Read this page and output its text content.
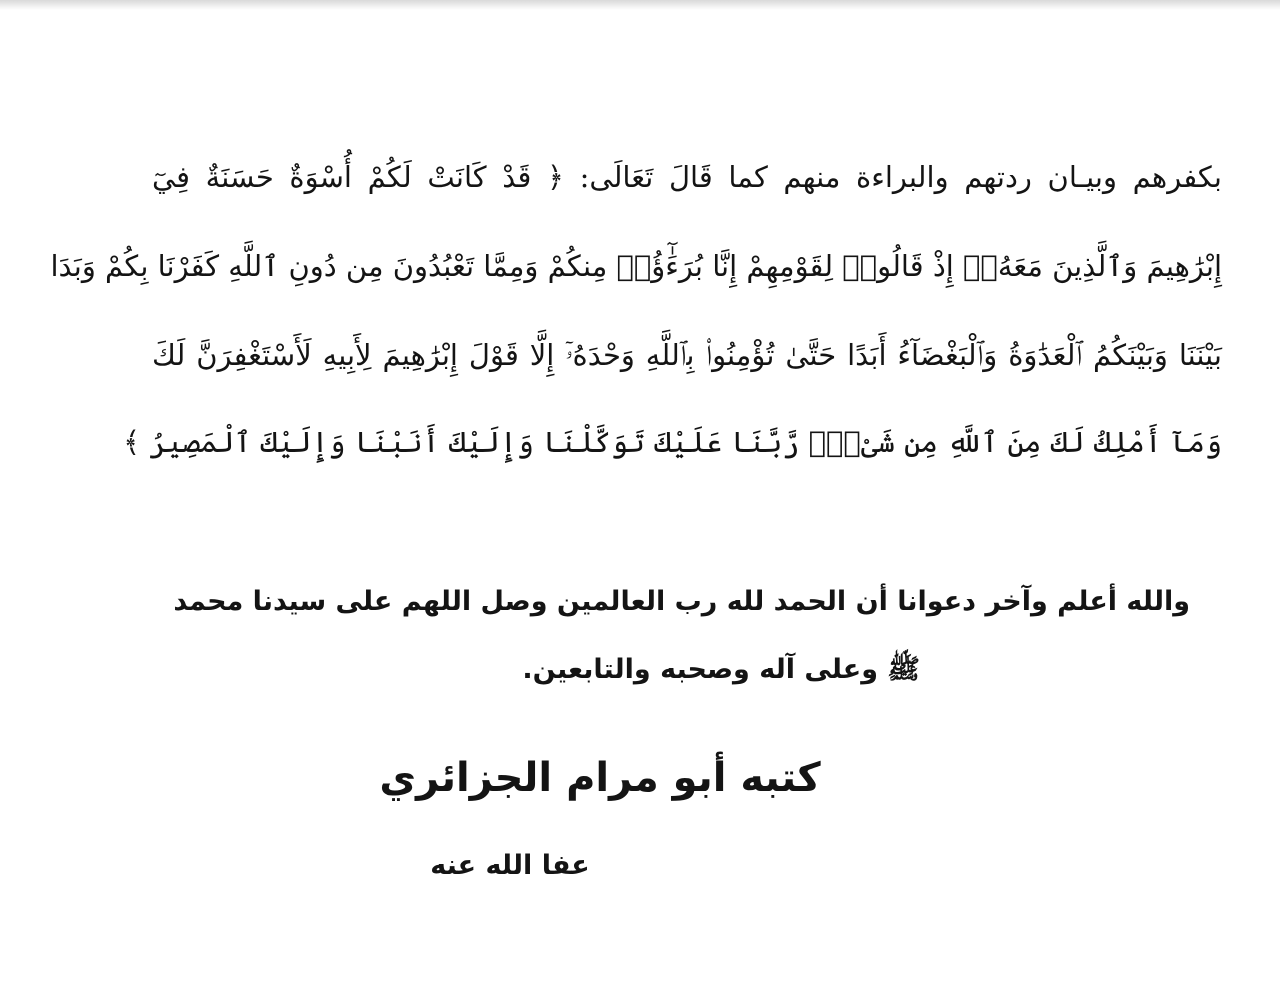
بكفرهم وبيـان ردتهم والبراءة منهم كما قَالَ تَعَالَى: ﴿ قَدْ كَانَتْ لَكُمْ أُسْوَةٌ حَسَنَةٌ فِيٓ
إِبْرَٰهِيمَ وَٱلَّذِينَ مَعَهُۥٓ إِذْ قَالُوا۟ لِقَوْمِهِمْ إِنَّا بُرَءَٰٓؤُا۟ مِنكُمْ وَمِمَّا تَعْبُدُونَ مِن دُونِ ٱللَّهِ كَفَرْنَا بِكُمْ وَبَدَا
بَيْنَنَا وَبَيْنَكُمُ ٱلْعَدَٰوَةُ وَٱلْبَغْضَآءُ أَبَدًا حَتَّىٰ تُؤْمِنُوا۟ بِٱللَّهِ وَحْدَهُۥٓ إِلَّا قَوْلَ إِبْرَٰهِيمَ لِأَبِيهِ لَأَسْتَغْفِرَنَّ لَكَ
وَمَآ أَمْلِكُ لَكَ مِنَ ٱللَّهِ مِن شَىْءٍۖ رَّبَّنَا عَلَيْكَ تَوَكَّلْنَا وَإِلَيْكَ أَنَبْنَا وَإِلَيْكَ ٱلْمَصِيرُ ﴾
والله أعلم وآخر دعوانا أن الحمد لله رب العالمين وصل اللهم على سيدنا محمد
ﷺ وعلى آله وصحبه والتابعين.
كتبه أبو مرام الجزائري
عفا الله عنه
